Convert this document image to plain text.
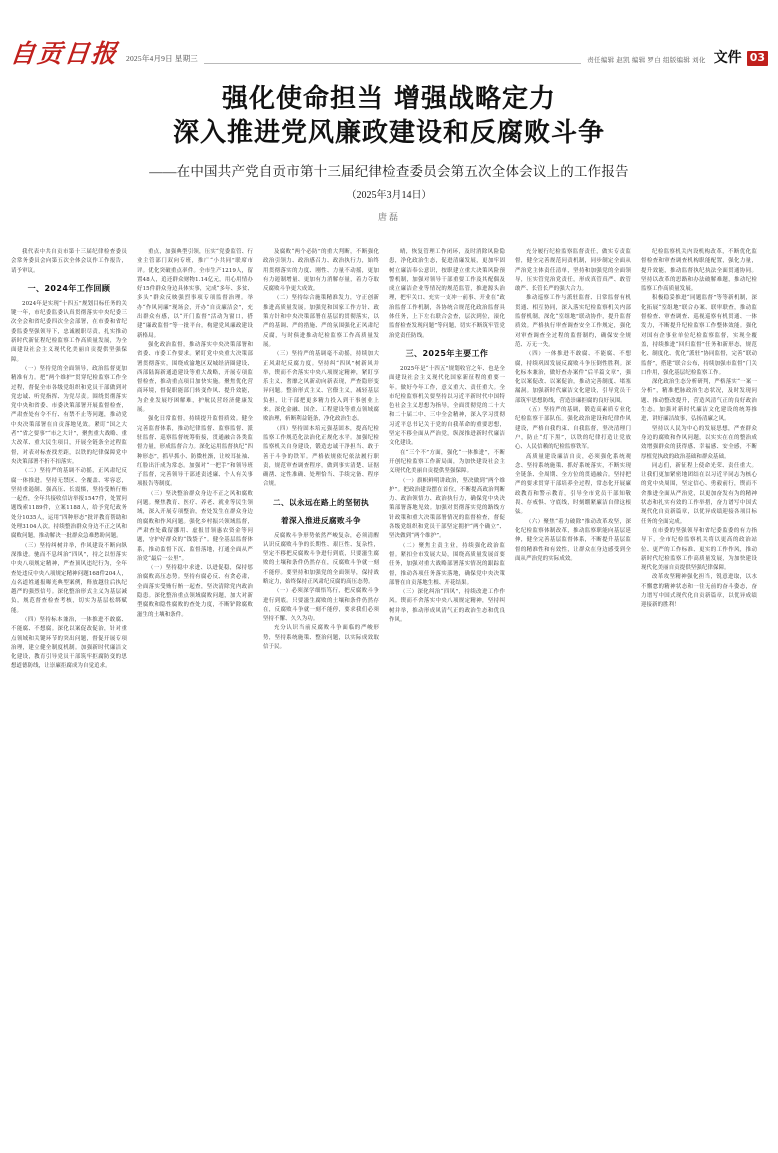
自贡日报 2025年4月9日 星期三	责任编辑 赵凯 编辑 罗白 组版编辑 刘化 文件 03
强化使命担当 增强战略定力
深入推进党风廉政建设和反腐败斗争
——在中国共产党自贡市第十三届纪律检查委员会第五次全体会议上的工作报告
（2025年3月14日）
唐磊

我代表中共自贡市第十三届纪律检查委员会常务委员会向第五次全体会议作工作报告，请予审议。

一、2024年工作回顾

2024年是实现“十四五”规划目标任务的关键一年，市纪委监委认真贯彻落实中央纪委三次全会和省纪委四次全会部署，在市委和省纪委监委坚强领导下，忠诚履职尽责，扎实推动新时代新征程纪检监察工作高质量发展，为全面建设社会主义现代化美丽自贡提供坚强保障。

（一）坚持党的全面领导，政治监督更加精准有力。把“两个维护”贯穿纪检监察工作全过程，督促全市各级党组织和党员干部做到对党忠诚、听党指挥、为党尽责。围绕贯彻落实党中央和省委、市委决策部署开展监督检查，严肃查处有令不行、有禁不止等问题，推动党中央决策部署在自贡落地见效。紧盯“国之大者”“省之要事”“市之大计”，聚焦重大战略、重大改革、重大民生项目，开展全链条全过程监督，对表对标查找差距，以铁的纪律保障党中央决策部署不折不扣落实。

（二）坚持严的基调不动摇，正风肃纪反腐一体推进。坚持无禁区、全覆盖、零容忍，坚持重遏制、强高压、长震慑，坚持受贿行贿一起查，全年共接收信访举报1547件，处置问题线索1189件，立案1188人，给予党纪政务处分1035人，运用“四种形态”批评教育帮助和处理3104人次。持续整治群众身边不正之风和腐败问题，推动解决一批群众急难愁盼问题。

（三）坚持纠树并举，作风建设不断向纵深推进。驰而不息纠治“四风”，持之以恒落实中央八项规定精神，严查顶风违纪行为，全年查处违反中央八项规定精神问题168件204人，点名道姓通报曝光典型案例，释放越往后执纪越严的强烈信号。深化整治形式主义为基层减负，规范督查检查考核，切实为基层松绑赋能。

（四）坚持标本兼治，一体推进不敢腐、不能腐、不想腐。深化以案促改促治，针对重点领域和关键环节的突出问题，督促开展专项治理，建立健全制度机制。加强新时代廉洁文化建设，教育引导党员干部筑牢拒腐防变的思想道德防线，让崇廉拒腐成为自觉追求。

重点，加强典型引领，压实“党委监管、行业主管部门双向专班，推广“小共同”联席市评。优化突破重点率件。全市生产1219人，留置48人，追还群众财物1.14亿元，用心用情办好15件群众身边具体实事，完成“多年、多贫、多头”群众反映强烈事项专项监督治理。举办“作风问廉”现场会，开办“自贡廉洁会”，充出群众有感，以“开门监督”活动为窗口，搭建“廉政监督”等一批平台，构建党风廉政建设新格局。

强化政治监督，推动落实中央决策部署和省委、市委工作要求。紧盯党中央重大决策部署贯彻落实，围绕成渝地区双城经济圈建设、西部陆海新通道建设等重大战略，开展专项监督检查，推动重点项目加快实施。聚焦优化营商环境，督促职能部门转变作风、提升效能，为企业发展纾困解难，护航民营经济健康发展。

强化日常监督，持续提升监督质效。健全完善监督体系，推动纪律监督、监察监督、派驻监督、巡察监督统筹衔接，贯通融合各类监督力量，形成监督合力。深化运用监督执纪“四种形态”，抓早抓小、防微杜渐，让咬耳扯袖、红脸出汗成为常态。加强对“一把手”和领导班子监督，完善领导干部述责述廉、个人有关事项报告等制度。

（三）坚决整治群众身边不正之风和腐败问题。聚焦教育、医疗、养老、就业等民生领域，深入开展专项整治，查处发生在群众身边的腐败和作风问题。强化乡村振兴领域监督，严肃查处截留挪用、虚报冒领惠农资金等问题，守护好群众的“钱袋子”。健全基层监督体系，推动监督下沉、监督落地，打通全面从严治党“最后一公里”。

（一）坚持稳中求进、以进促稳，保持惩治腐败高压态势。坚持有腐必反、有贪必肃，全面落实受贿行贿一起查，坚决清除党内政治隐患。深化整治重点领域腐败问题，加大对新型腐败和隐性腐败的查处力度，不断铲除腐败滋生的土壤和条件。

及腐败“两个必防”的重大判断，不断强化政治引领力、政治感召力、政治执行力，始终用贯彻落实的力度、刚性、力量不动摇，更加有力遏制增量、更加有力消解存量，着力夺取反腐败斗争更大成效。

（二）坚持综合施策精准发力，守正创新推进高质量发展。加强党和国家工作方针、政策方针和中央决策部署在基层的贯彻落实，以严的基调、严的措施、严的氛围强化正风肃纪反腐，与时俱进推动纪检监察工作高质量发展。

（三）坚持严的基调毫不动摇，持续加大正风肃纪反腐力度。坚持纠“四风”树新风并举，锲而不舍落实中央八项规定精神，紧盯享乐主义、奢靡之风新动向新表现，严查隐形变异问题。整治形式主义、官僚主义，减轻基层负担，让干部把更多精力投入到干事创业上来。深化金融、国企、工程建设等重点领域腐败治理，斩断利益链条，净化政治生态。

（四）坚持固本培元强基固本，提高纪检监察工作规范化法治化正规化水平。加强纪检监察机关自身建设，锻造忠诚干净担当、敢于善于斗争的铁军。严格依规依纪依法履行职责，规范审查调查程序，做到事实清楚、证据确凿、定性准确、处理恰当、手续完备、程序合规。

二、以永远在路上的坚韧执
着深入推进反腐败斗争

反腐败斗争形势依然严峻复杂，必须清醒认识反腐败斗争的长期性、艰巨性、复杂性，坚定不移把反腐败斗争进行到底，只要滋生腐败的土壤和条件仍然存在，反腐败斗争就一刻不能停。要坚持和加强党的全面领导，保持战略定力，始终保持正风肃纪反腐的高压态势。

（一）必须深学细悟笃行，把反腐败斗争进行到底。只要滋生腐败的土壤和条件仍然存在，反腐败斗争就一刻不能停，要求我们必须坚持不懈、久久为功。

充分认识当前反腐败斗争面临的严峻形势，坚持系统施策、整治问题，以实际成效取信于民。

晴，恢复管理工作闭环，及时消除风险隐患，净化政治生态，促进清廉发展，更加牢固树立廉洁奉公意识，按职建立重大决策风险预警机制，加强对领导干部重要工作及其配偶及成立廉洁企业等情况的规范监管，推进源头治理，把牢关口、充实一支冲一前事、开业在“政治监督工作机制，各协统合规范化政治监督具体任务，上下左右联合会查，层次到位，滚化监督检查发现问题”等问题，切实不断筑牢管党治党责任防线。

三、2025年主要工作

2025年是“十四五”规划收官之年、也是全面建设社会主义现代化国家新征程的重要一年。做好今年工作，意义重大、责任重大。全市纪检监察机关要坚持以习近平新时代中国特色社会主义思想为指导，全面贯彻党的二十大和二十届二中、三中全会精神，深入学习贯彻习近平总书记关于党的自我革命的重要思想，坚定不移全面从严治党，纵深推进新时代廉洁文化建设。

在“三个不”方面，强化“一体推进”，不断开创纪检监察工作新局面，为加快建设社会主义现代化美丽自贡提供坚强保障。

（一）旗帜鲜明讲政治，坚决做到“两个维护”。把政治建设摆在首位，不断提高政治判断力、政治领悟力、政治执行力，确保党中央决策部署落地见效。加强对贯彻落实党的路线方针政策和重大决策部署情况的监督检查，督促各级党组织和党员干部坚定拥护“两个确立”、坚决做到“两个维护”。

（二）聚焦主责主业，持续强化政治监督。紧扣全市发展大局，围绕高质量发展首要任务，加强对重大战略部署落实情况的跟踪监督，推动各项任务落实落地，确保党中央决策部署在自贡落地生根、开花结果。

（三）深化纠治“四风”，持续改进工作作风。锲而不舍落实中央八项规定精神，坚持纠树并举，推动形成风清气正的政治生态和优良作风。

充分履行纪检监察监督责任，做实专责监督，健全完善规范问责机制，同步制定全面从严治党主体责任清单，坚持和加强党的全面领导，压实管党治党责任，形成真管真严、敢管敢严、长管长严的强大合力。

推动巡察工作与派驻监督、日常监督有机贯通、相互协同，深入落实纪检监察机关内部监督机制，深化“室组地”联动协作，提升监督质效。严格执行审查调查安全工作规定，强化对审查调查全过程的监督制约，确保安全规范、万无一失。

（四）一体推进不敢腐、不能腐、不想腐，持续巩固发展反腐败斗争压倒性胜利。深化标本兼治，做好查办案件“后半篇文章”，强化以案促改、以案促治，推动完善制度、堵塞漏洞。加强新时代廉洁文化建设，引导党员干部筑牢思想防线，营造崇廉拒腐的良好氛围。

（五）坚持严的基调，锻造高素质专业化纪检监察干部队伍。强化政治建设和纪律作风建设，严格自我约束、自我监督，坚决清理门户，防止“灯下黑”，以铁的纪律打造让党放心、人民信赖的纪检监察铁军。

高质量建设廉洁自贡，必须强化系统观念、坚持系统施策、抓好系统落实，不断实现全链条、全周期、全方位的贯通融合。坚持把严的要求贯穿干部培养全过程，常态化开展廉政教育和警示教育，引导全市党员干部知敬畏、存戒惧、守底线，时刻绷紧廉洁自律这根弦。

（六）聚焦“着力破除”推动改革攻坚，深化纪检监察体制改革，推动监察职能向基层延伸，健全完善基层监督体系，不断提升基层监督的精准性和有效性，让群众在身边感受到全面从严治党的实际成效。

纪检监察机关内设机构改革，不断优化监督检查和审查调查机构职能配置，强化力量，提升效能，推动监督执纪执法全面贯通协同。坚持以改革的思路和办法破解难题，推动纪检监察工作高质量发展。

积极稳妥推进“同题监督”等等新机制，深化拓展“室组地”联合办案、联审联查，推动监督检查、审查调查、巡视巡察有机贯通、一体发力，不断提升纪检监察工作整体效能。强化对国有企事业单位纪检监察监督，实现全覆盖，持续推进“回归监督”任务和新形态，规范化、制度化、优化“派驻”协同监督，完善“联动监督”，搭建“联合公布，持续加强市监督”门关口作用，强化基层纪检监察工作。

深化政治生态分析研判，严格落实“一案一分析”，精准把脉政治生态状况，及时发现问题、推动整改提升，营造风清气正的良好政治生态。加强对新时代廉洁文化建设的统筹推进，讲好廉洁故事，弘扬清廉之风。

坚持以人民为中心的发展思想，严查群众身边的腐败和作风问题，以实实在在的整治成效增强群众的获得感、幸福感、安全感，不断厚植党执政的政治基础和群众基础。

同志们，新征程上使命光荣、责任重大。让我们更加紧密地团结在以习近平同志为核心的党中央周围，坚定信心、勇毅前行，锲而不舍推进全面从严治党，以更加奋发有为的精神状态和扎实有效的工作举措，奋力谱写中国式现代化自贡新篇章，以优异成绩迎接各项目标任务的全面完成。

在市委的坚强领导和省纪委监委的有力指导下，全市纪检监察机关将以更高的政治站位、更严的工作标准、更实的工作作风，推动新时代纪检监察工作高质量发展，为加快建设现代化美丽自贡提供坚强纪律保障。

改革攻坚精神强化担当，锐意进取，以水不懈怠的精神状态和一往无前的奋斗姿态，奋力谱写中国式现代化自贡新篇章，以优异成绩迎接新的胜利！
